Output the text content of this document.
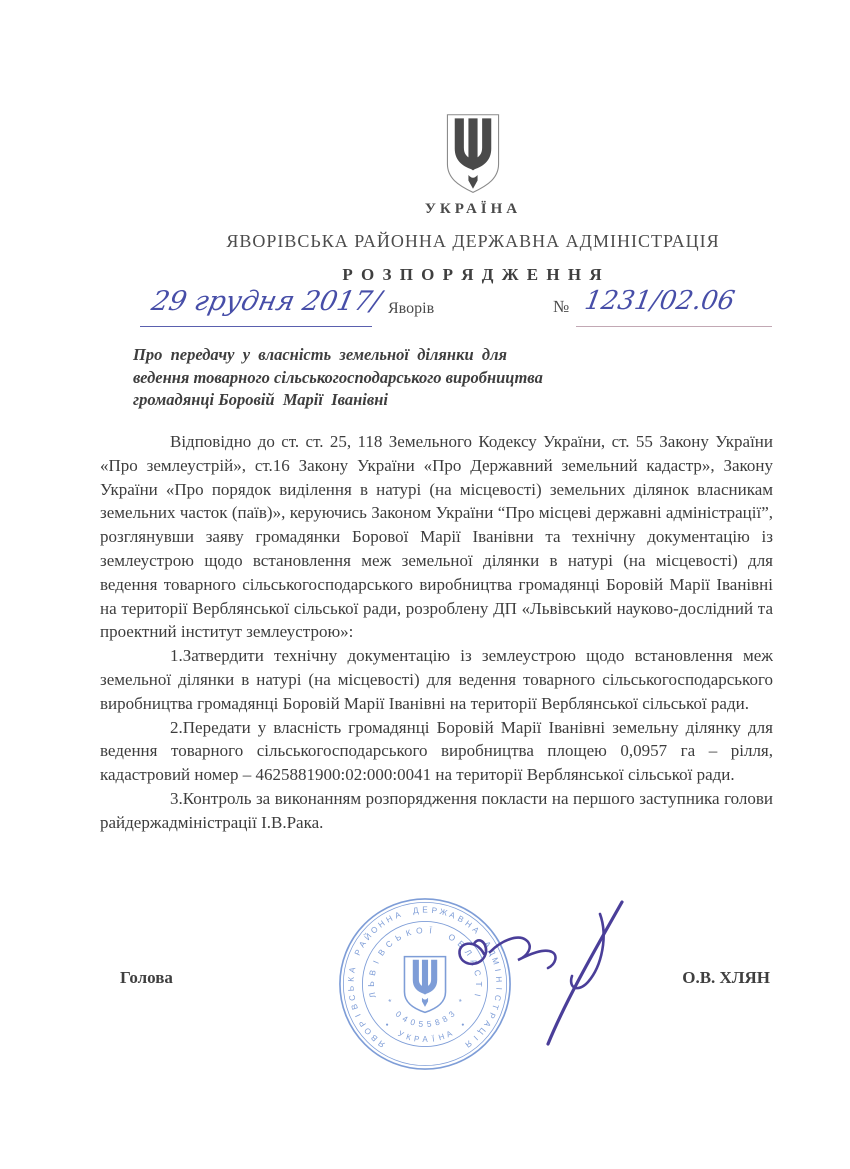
УКРАЇНА
ЯВОРІВСЬКА РАЙОННА ДЕРЖАВНА АДМІНІСТРАЦІЯ
Р О З П О Р Я Д Ж Е Н Н Я
29 грудня 2017/ Яворів	№ 1231/02.06
Про  передачу  у  власність  земельної  ділянки  для
ведення товарного сільськогосподарського виробництва
громадянці Боровій  Марії  Іванівні

Відповідно до ст. ст. 25, 118 Земельного Кодексу України, ст. 55 Закону України «Про землеустрій», ст.16 Закону України «Про Державний земельний кадастр», Закону України «Про порядок виділення в натурі (на місцевості) земельних ділянок власникам земельних часток (паїв)», керуючись Законом України “Про місцеві державні адміністрації”, розглянувши заяву громадянки Борової Марії Іванівни та технічну документацію із землеустрою щодо встановлення меж земельної ділянки в натурі (на місцевості) для ведення товарного сільськогосподарського виробництва громадянці Боровій Марії Іванівні на території Верблянської сільської ради, розроблену ДП «Львівський науково-дослідний та проектний інститут землеустрою»:

1.Затвердити технічну документацію із землеустрою щодо встановлення меж земельної ділянки в натурі (на місцевості) для ведення товарного сільськогосподарського виробництва громадянці Боровій Марії Іванівні на території Верблянської сільської ради.

2.Передати у власність громадянці Боровій Марії Іванівні земельну ділянку для ведення товарного сільськогосподарського виробництва площею 0,0957 га – рілля, кадастровий номер – 4625881900:02:000:0041 на території Верблянської сільської ради.

3.Контроль за виконанням розпорядження покласти на першого заступника голови райдержадміністрації І.В.Рака.

Голова	О.В. ХЛЯН
Я
В
О
Р
І
В
С
Ь
К
А
Р
А
Й
О
Н
Н А Д Е Р Ж А В
Н
А
А
Д
М
І
Н
І
С
Т
Р
А
Ц
І
Я
Л
Ь
В
І
В
С
Ь К О Ї
О
Б
Л
А
С
Т
І
*
0
4 0 5 5 8 8
3
*
•
У К Р А Ї Н А
•
